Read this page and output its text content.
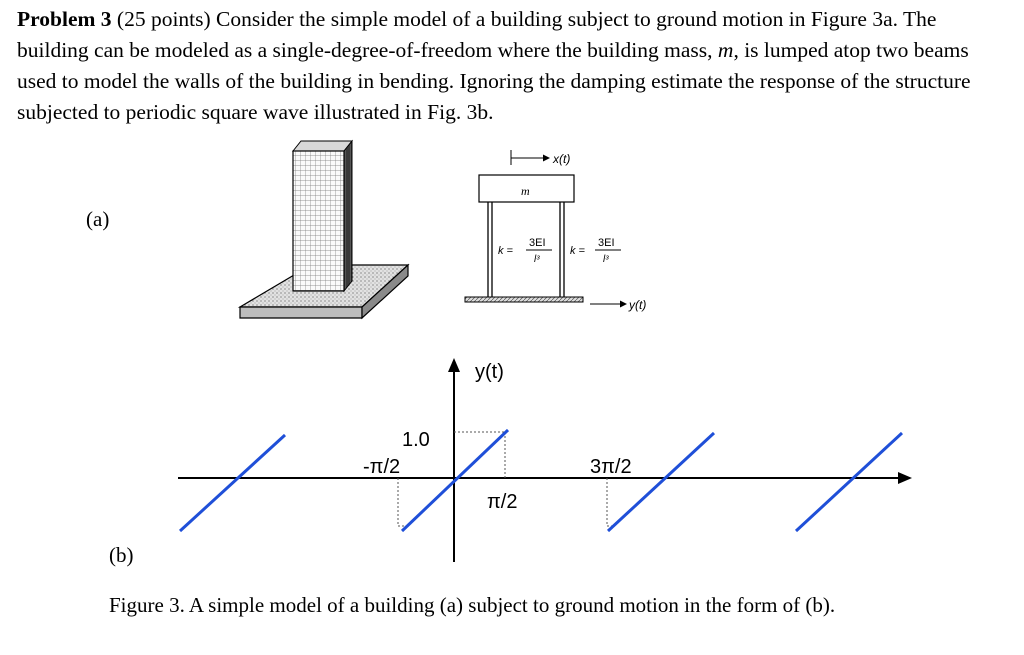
Problem 3 (25 points) Consider the simple model of a building subject to ground motion in Figure 3a. The building can be modeled as a single-degree-of-freedom where the building mass, m, is lumped atop two beams used to model the walls of the building in bending. Ignoring the damping estimate the response of the structure subjected to periodic square wave illustrated in Fig. 3b.

(a)
(b)
x(t)
m
k =
3EI
l³
k =
3EI
l³
y(t)
y(t)
1.0
-π/2
π/2
3π/2
Figure 3. A simple model of a building (a) subject to ground motion in the form of (b).
